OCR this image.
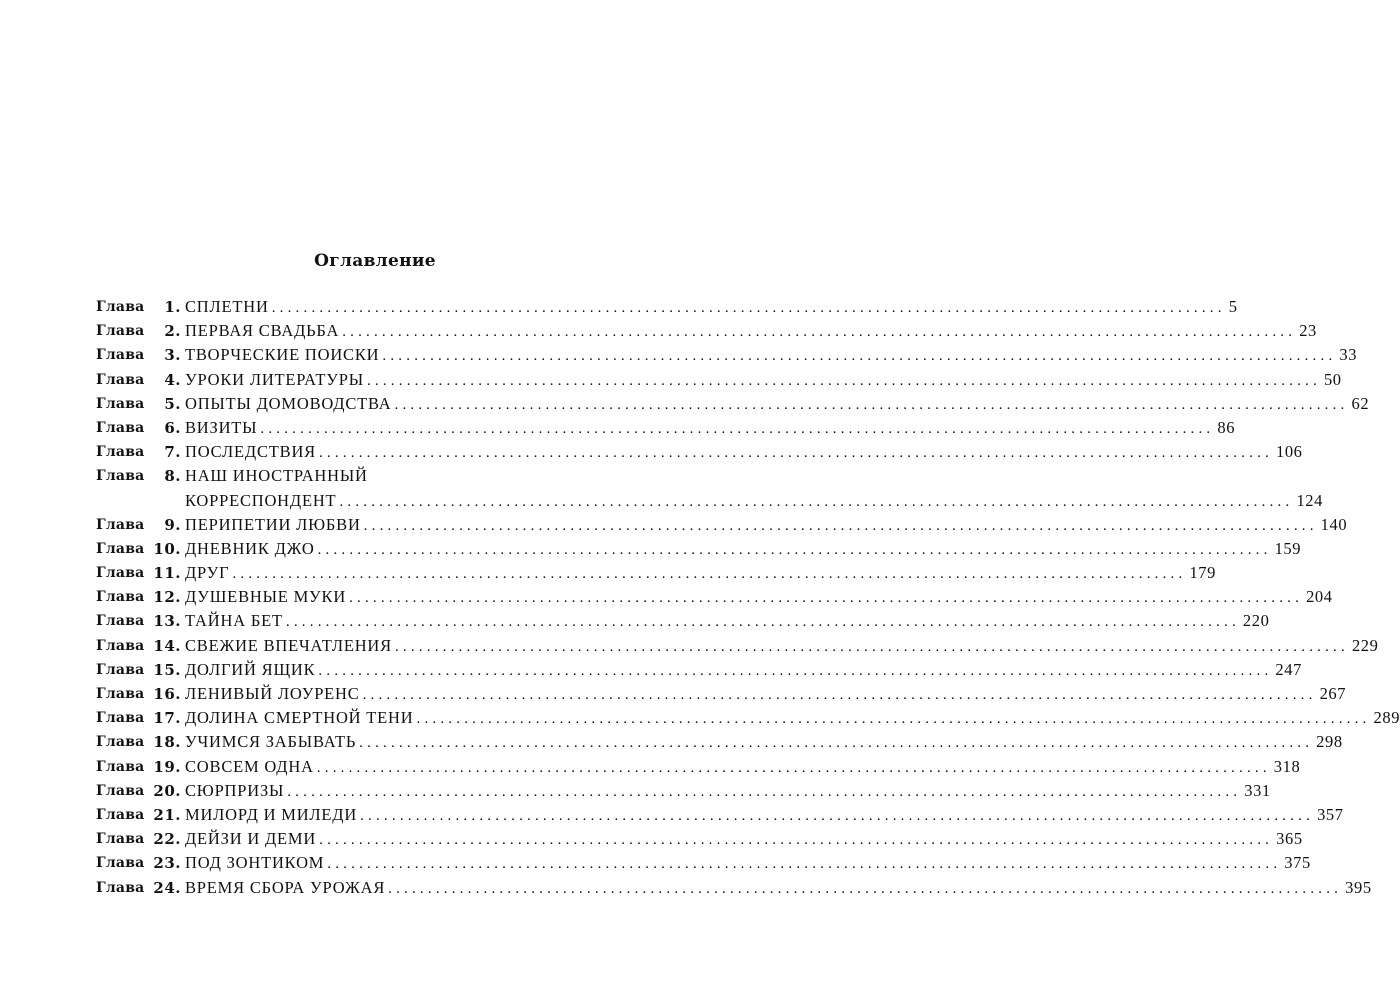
Оглавление
Глава	1. СПЛЕТНИ ........................................................................................................................ 5
Глава	2. ПЕРВАЯ СВАДЬБА ........................................................................................................................ 23
Глава	3. ТВОРЧЕСКИЕ ПОИСКИ ........................................................................................................................ 33
Глава	4. УРОКИ ЛИТЕРАТУРЫ ........................................................................................................................ 50
Глава	5. ОПЫТЫ ДОМОВОДСТВА ........................................................................................................................ 62
Глава	6. ВИЗИТЫ ........................................................................................................................ 86
Глава	7. ПОСЛЕДСТВИЯ ........................................................................................................................ 106
Глава	8. НАШ ИНОСТРАННЫЙ
КОРРЕСПОНДЕНТ ........................................................................................................................ 124
Глава	9. ПЕРИПЕТИИ ЛЮБВИ ........................................................................................................................ 140
Глава 10. ДНЕВНИК ДЖО ........................................................................................................................ 159
Глава 11. ДРУГ ........................................................................................................................ 179
Глава 12. ДУШЕВНЫЕ МУКИ ........................................................................................................................ 204
Глава 13. ТАЙНА БЕТ ........................................................................................................................ 220
Глава 14. СВЕЖИЕ ВПЕЧАТЛЕНИЯ ........................................................................................................................ 229
Глава 15. ДОЛГИЙ ЯЩИК ........................................................................................................................ 247
Глава 16. ЛЕНИВЫЙ ЛОУРЕНС ........................................................................................................................ 267
Глава 17. ДОЛИНА СМЕРТНОЙ ТЕНИ ........................................................................................................................ 289
Глава 18. УЧИМСЯ ЗАБЫВАТЬ ........................................................................................................................ 298
Глава 19. СОВСЕМ ОДНА ........................................................................................................................ 318
Глава 20. СЮРПРИЗЫ ........................................................................................................................ 331
Глава 21. МИЛОРД И МИЛЕДИ ........................................................................................................................ 357
Глава 22. ДЕЙЗИ И ДЕМИ ........................................................................................................................ 365
Глава 23. ПОД ЗОНТИКОМ ........................................................................................................................ 375
Глава 24. ВРЕМЯ СБОРА УРОЖАЯ ........................................................................................................................ 395
